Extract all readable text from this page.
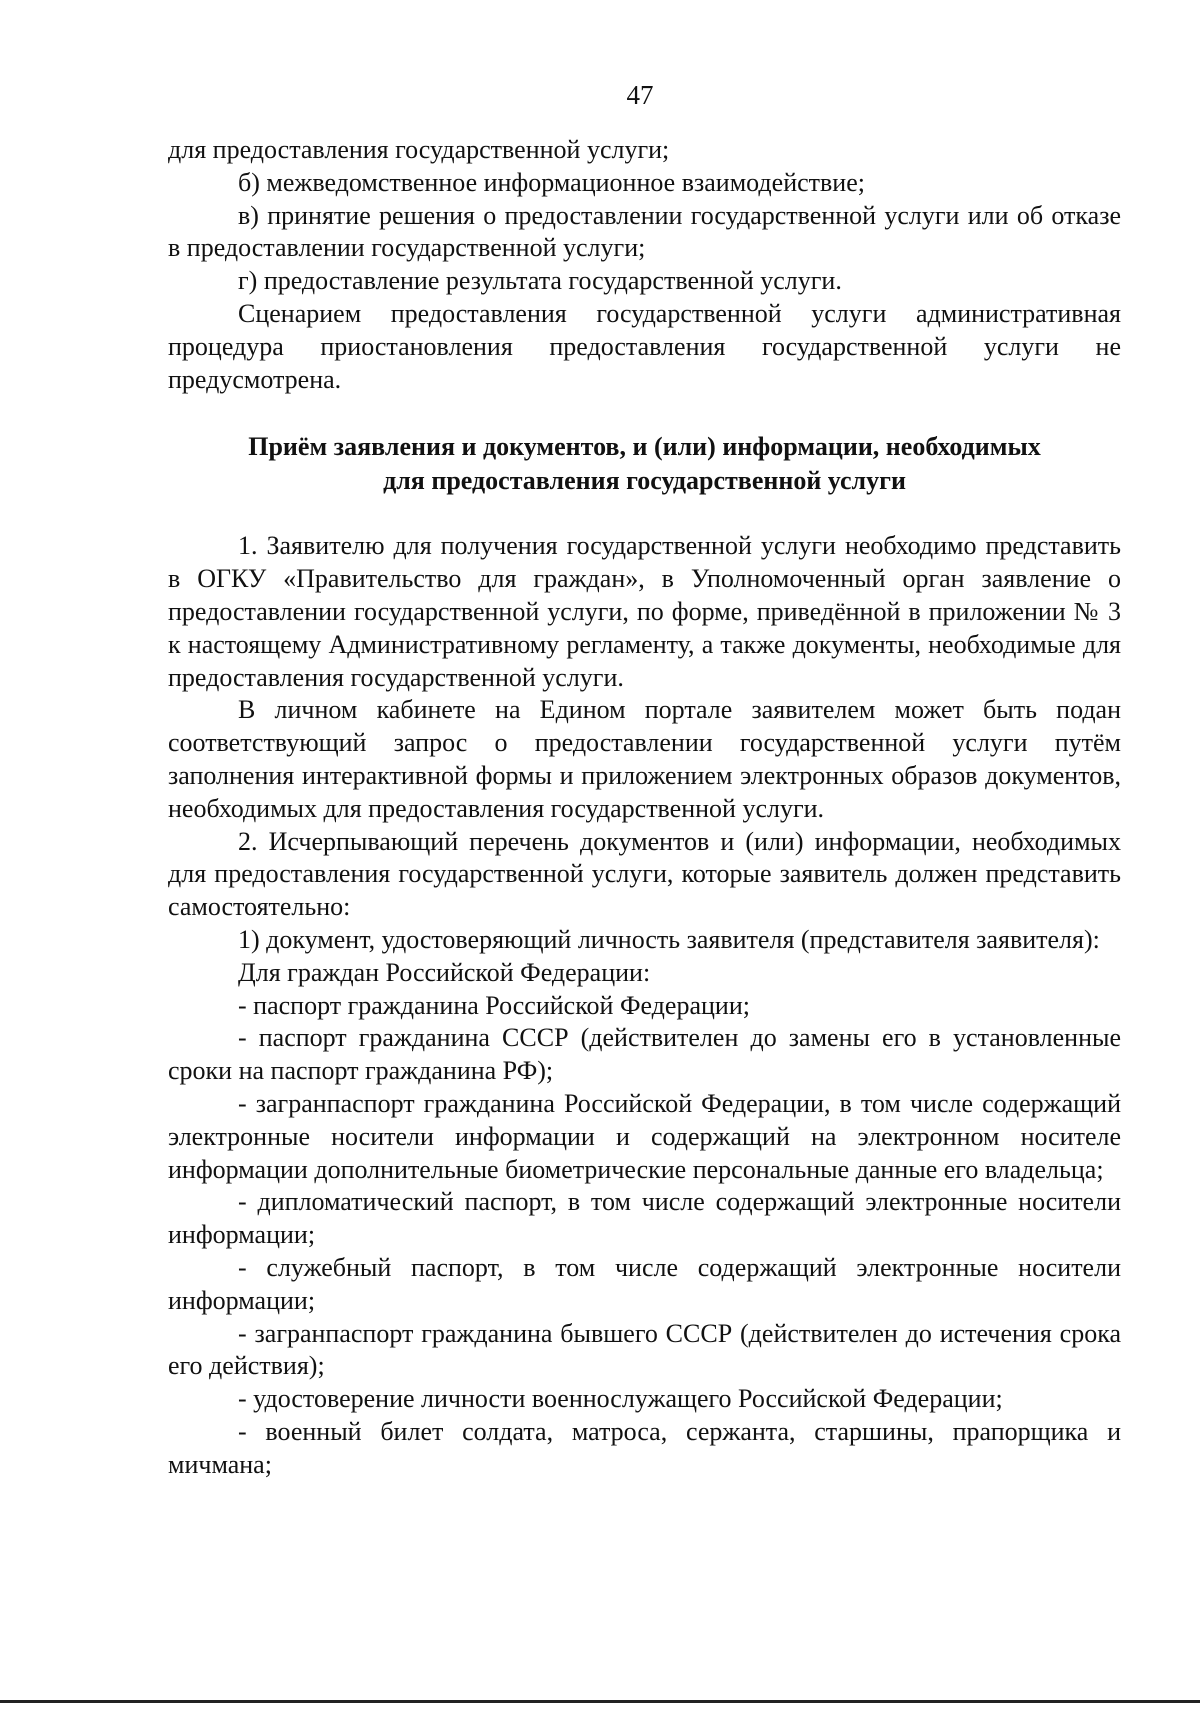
47

для предоставления государственной услуги;

б) межведомственное информационное взаимодействие;

в) принятие решения о предоставлении государственной услуги или об отказе в предоставлении государственной услуги;

г) предоставление результата государственной услуги.

Сценарием предоставления государственной услуги административная процедура приостановления предоставления государственной услуги не предусмотрена.

Приём заявления и документов, и (или) информации, необходимых
для предоставления государственной услуги

1. Заявителю для получения государственной услуги необходимо представить в ОГКУ «Правительство для граждан», в Уполномоченный орган заявление о предоставлении государственной услуги, по форме, приведённой в приложении № 3 к настоящему Административному регламенту, а также документы, необходимые для предоставления государственной услуги.

В личном кабинете на Едином портале заявителем может быть подан соответствующий запрос о предоставлении государственной услуги путём заполнения интерактивной формы и приложением электронных образов документов, необходимых для предоставления государственной услуги.

2. Исчерпывающий перечень документов и (или) информации, необходимых для предоставления государственной услуги, которые заявитель должен представить самостоятельно:

1) документ, удостоверяющий личность заявителя (представителя заявителя):

Для граждан Российской Федерации:

- паспорт гражданина Российской Федерации;

- паспорт гражданина СССР (действителен до замены его в установленные сроки на паспорт гражданина РФ);

- загранпаспорт гражданина Российской Федерации, в том числе содержащий электронные носители информации и содержащий на электронном носителе информации дополнительные биометрические персональные данные его владельца;

- дипломатический паспорт, в том числе содержащий электронные носители информации;

- служебный паспорт, в том числе содержащий электронные носители информации;

- загранпаспорт гражданина бывшего СССР (действителен до истечения срока его действия);

- удостоверение личности военнослужащего Российской Федерации;

- военный билет солдата, матроса, сержанта, старшины, прапорщика и мичмана;
